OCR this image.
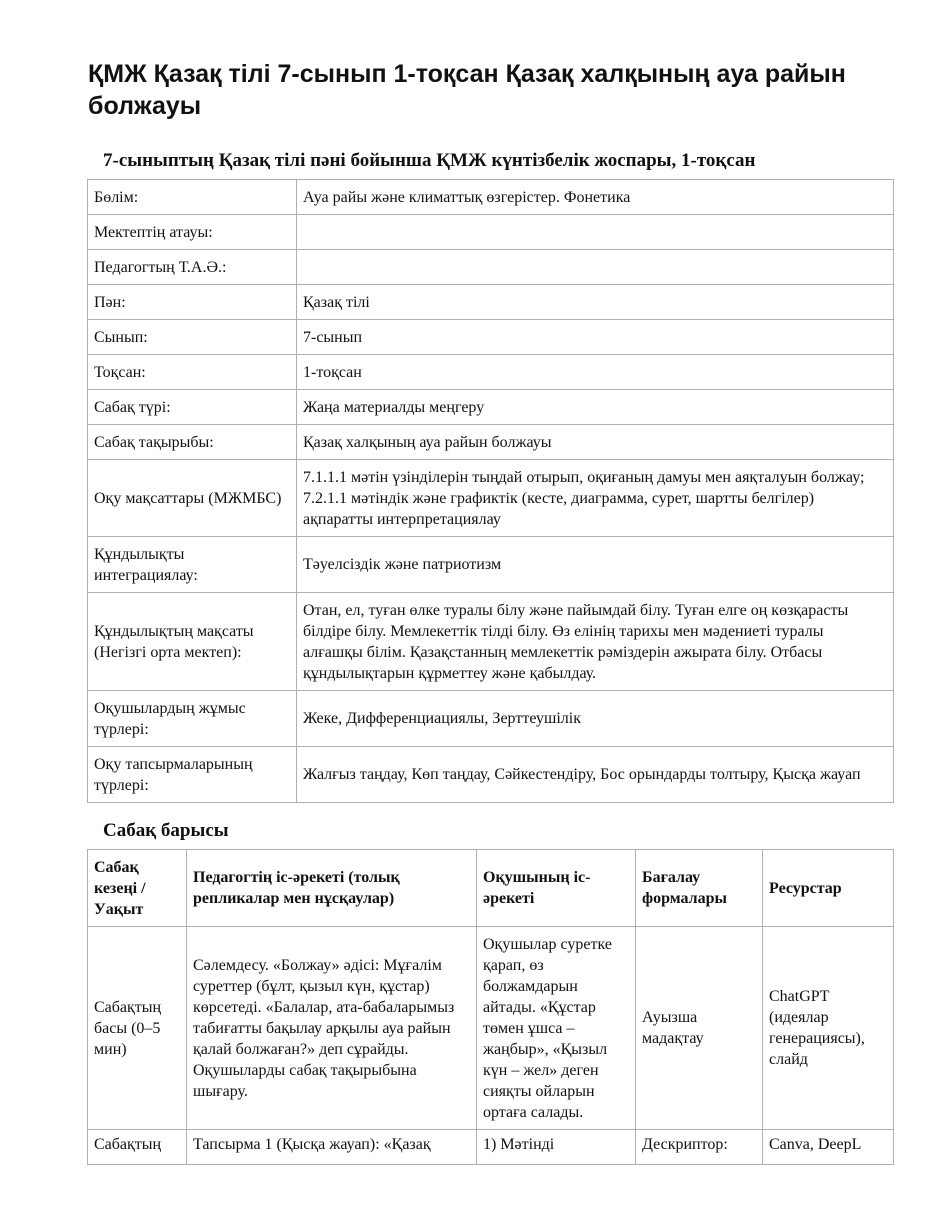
ҚМЖ Қазақ тілі 7-сынып 1-тоқсан Қазақ халқының ауа райын болжауы
7-сыныптың Қазақ тілі пәні бойынша ҚМЖ күнтізбелік жоспары, 1-тоқсан
Бөлім:	Ауа райы және климаттық өзгерістер. Фонетика
Мектептің атауы:	
Педагогтың Т.А.Ә.:	
Пән:	Қазақ тілі
Сынып:	7-сынып
Тоқсан:	1-тоқсан
Сабақ түрі:	Жаңа материалды меңгеру
Сабақ тақырыбы:	Қазақ халқының ауа райын болжауы
Оқу мақсаттары (МЖМБС)	7.1.1.1 мәтін үзінділерін тыңдай отырып, оқиғаның дамуы мен аяқталуын болжау; 7.2.1.1 мәтіндік және графиктік (кесте, диаграмма, сурет, шартты белгілер) ақпаратты интерпретациялау
Құндылықты интеграциялау:	Тәуелсіздік және патриотизм
Құндылықтың мақсаты (Негізгі орта мектеп):	Отан, ел, туған өлке туралы білу және пайымдай білу. Туған елге оң көзқарасты білдіре білу. Мемлекеттік тілді білу. Өз елінің тарихы мен мәдениеті туралы алғашқы білім. Қазақстанның мемлекеттік рәміздерін ажырата білу. Отбасы құндылықтарын құрметтеу және қабылдау.
Оқушылардың жұмыс түрлері:	Жеке, Дифференциациялы, Зерттеушілік
Оқу тапсырмаларының түрлері:	Жалғыз таңдау, Көп таңдау, Сәйкестендіру, Бос орындарды толтыру, Қысқа жауап
Сабақ барысы
Сабақ кезеңі / Уақыт	Педагогтің іс-әрекеті (толық репликалар мен нұсқаулар)	Оқушының іс-әрекеті	Бағалау формалары	Ресурстар
Сабақтың басы (0–5 мин)	Сәлемдесу. «Болжау» әдісі: Мұғалім суреттер (бұлт, қызыл күн, құстар) көрсетеді. «Балалар, ата-бабаларымыз табиғатты бақылау арқылы ауа райын қалай болжаған?» деп сұрайды. Оқушыларды сабақ тақырыбына шығару.	Оқушылар суретке қарап, өз болжамдарын айтады. «Құстар төмен ұшса – жаңбыр», «Қызыл күн – жел» деген сияқты ойларын ортаға салады.	Ауызша мадақтау	ChatGPT (идеялар генерациясы), слайд
Сабақтың	Тапсырма 1 (Қысқа жауап): «Қазақ	1) Мәтінді	Дескриптор:	Canva, DeepL
